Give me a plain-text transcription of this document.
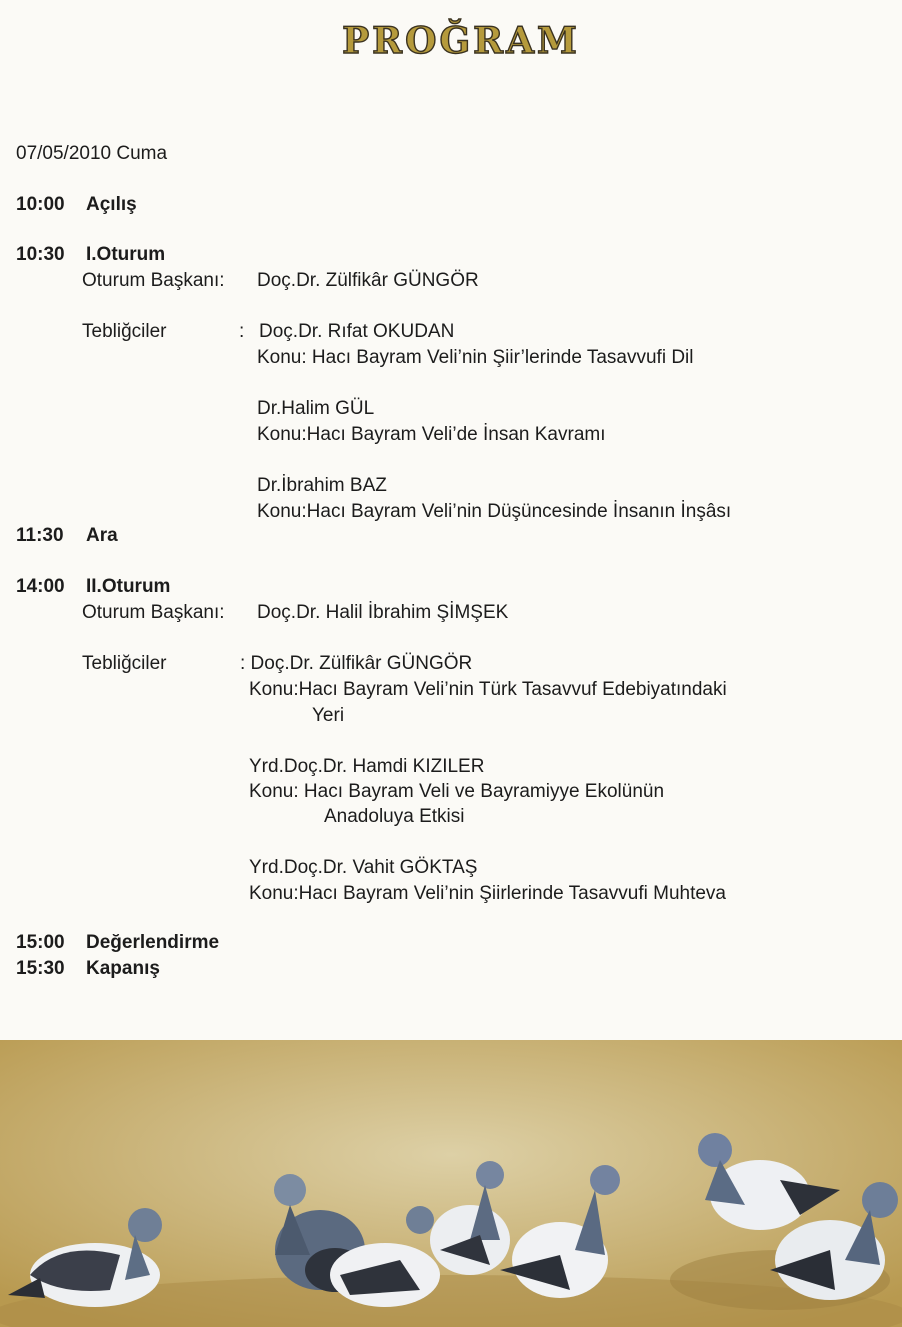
PROĞRAM
07/05/2010 Cuma
10:00 Açılış
10:30 I.Oturum
Oturum Başkanı: Doç.Dr. Zülfikâr GÜNGÖR
Tebliğciler	: Doç.Dr. Rıfat OKUDAN
Konu: Hacı Bayram Veli’nin Şiir’lerinde Tasavvufi Dil
Dr.Halim GÜL
Konu:Hacı Bayram Veli’de İnsan Kavramı
Dr.İbrahim BAZ
Konu:Hacı Bayram Veli’nin Düşüncesinde İnsanın İnşâsı
11:30 Ara
14:00 II.Oturum
Oturum Başkanı: Doç.Dr. Halil İbrahim ŞİMŞEK
Tebliğciler	: Doç.Dr. Zülfikâr GÜNGÖR
Konu:Hacı Bayram Veli’nin Türk Tasavvuf Edebiyatındaki
Yeri
Yrd.Doç.Dr. Hamdi KIZILER
Konu: Hacı Bayram Veli ve Bayramiyye Ekolünün
Anadoluya Etkisi
Yrd.Doç.Dr. Vahit GÖKTAŞ
Konu:Hacı Bayram Veli’nin Şiirlerinde Tasavvufi Muhteva
15:00 Değerlendirme
15:30 Kapanış
